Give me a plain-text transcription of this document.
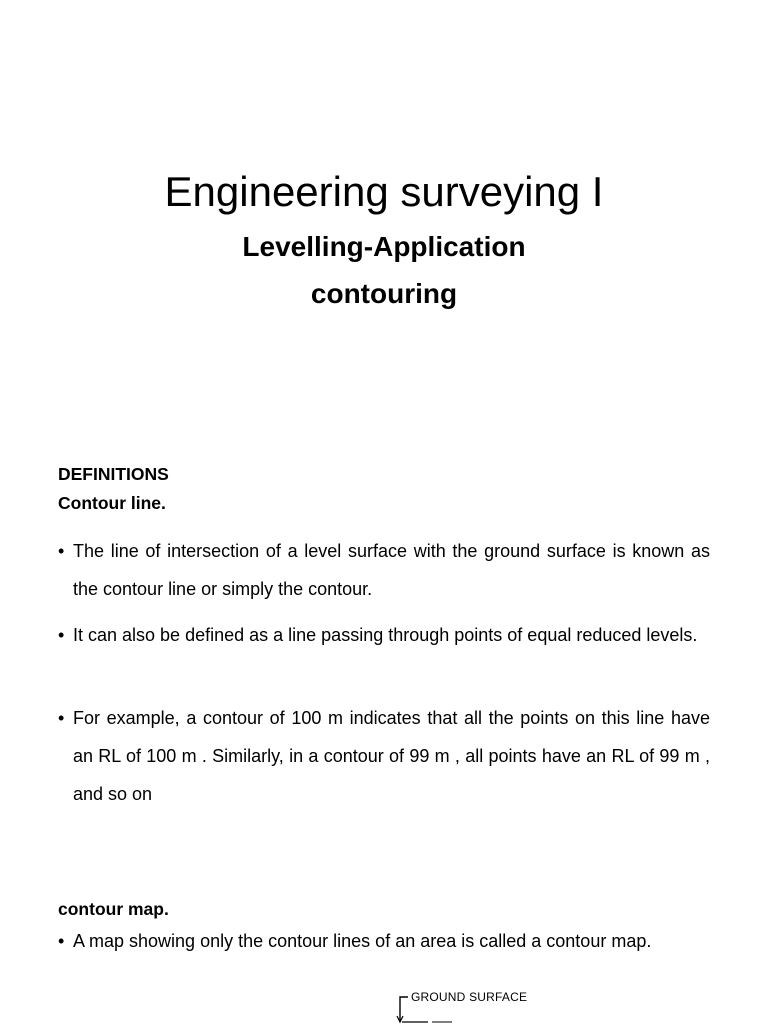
Engineering surveying I
Levelling-Application
contouring
DEFINITIONS
Contour line.
• The line of intersection of a level surface with the ground surface is known as the contour line or simply the contour.
• It can also be defined as a line passing through points of equal reduced levels.
• For example, a contour of 100 m indicates that all the points on this line have an RL of 100 m . Similarly, in a contour of 99 m , all points have an RL of 99 m , and so on
contour map.
• A map showing only the contour lines of an area is called a contour map.
GROUND SURFACE
